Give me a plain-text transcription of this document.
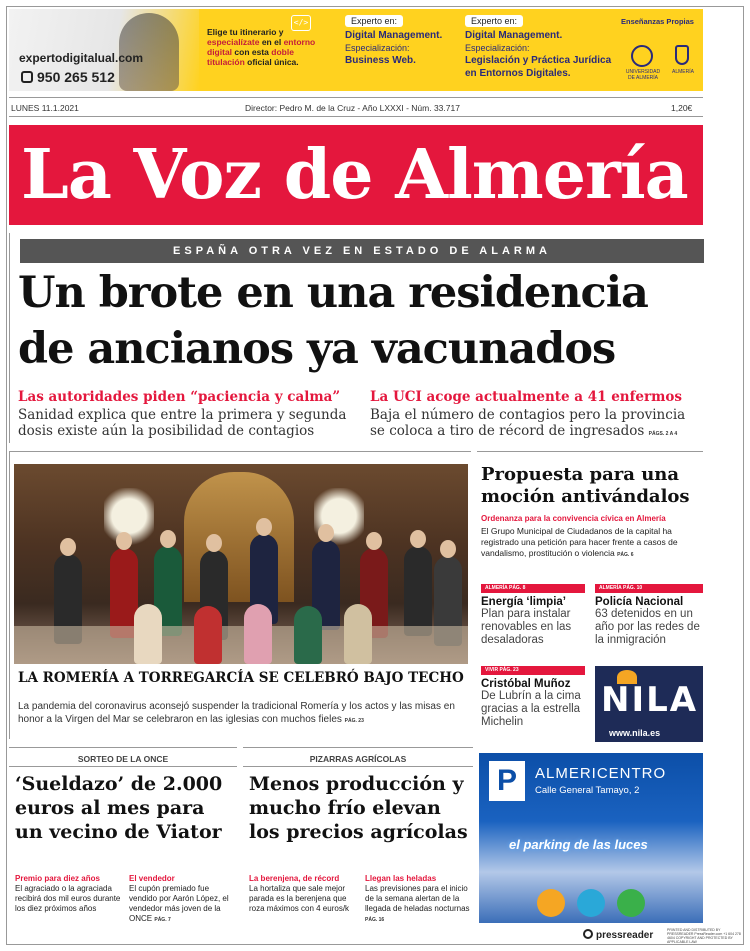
expertodigitalual.com
950 265 512
</>
Elige tu itinerario y especialízate en el entorno digital con esta doble titulación oficial única.
Experto en:
Digital Management.
Especialización:
Business Web.
Experto en:
Digital Management.
Especialización:
Legislación y Práctica Jurídica en Entornos Digitales.
Enseñanzas Propias
UNIVERSIDAD DE ALMERÍA
ALMERÍA
LUNES 11.1.2021	Director: Pedro M. de la Cruz - Año LXXXI - Núm. 33.717	1,20€
La Voz de Almería
ESPAÑA OTRA VEZ EN ESTADO DE ALARMA
Un brote en una residencia
de ancianos ya vacunados
Las autoridades piden “paciencia y calma”
Sanidad explica que entre la primera y segunda dosis existe aún la posibilidad de contagios
La UCI acoge actualmente a 41 enfermos
Baja el número de contagios pero la provincia se coloca a tiro de récord de ingresados PÁGS. 2 A 4
LA ROMERÍA A TORREGARCÍA SE CELEBRÓ BAJO TECHO
La pandemia del coronavirus aconsejó suspender la tradicional Romería y los actos y las misas en honor a la Virgen del Mar se celebraron en las iglesias con muchos fieles PÁG. 23
Propuesta para una moción antivándalos
Ordenanza para la convivencia cívica en Almería
El Grupo Municipal de Ciudadanos de la capital ha registrado una petición para hacer frente a casos de vandalismo, prostitución o violencia PÁG. 6
ALMERÍA PÁG. 8
Energía ‘limpia’
Plan para instalar renovables en las desaladoras
ALMERÍA PÁG. 10
Policía Nacional
63 detenidos en un año por las redes de la inmigración
VIVIR PÁG. 23
Cristóbal Muñoz
De Lubrín a la cima gracias a la estrella Michelin
NILA
www.nila.es
SORTEO DE LA ONCE
‘Sueldazo’ de 2.000 euros al mes para un vecino de Viator
Premio para diez años
El agraciado o la agraciada recibirá dos mil euros durante los diez próximos años
El vendedor
El cupón premiado fue vendido por Aarón López, el vendedor más joven de la ONCE PÁG. 7
PIZARRAS AGRÍCOLAS
Menos producción y mucho frío elevan los precios agrícolas
La berenjena, de récord
La hortaliza que sale mejor parada es la berenjena que roza máximos con 4 euros/k
Llegan las heladas
Las previsiones para el inicio de la semana alertan de la llegada de heladas nocturnas PÁG. 16
P	ALMERICENTRO
Calle General Tamayo, 2
el parking de las luces
pressreader	PRINTED AND DISTRIBUTED BY PRESSREADER PressReader.com +1 604 278 4604 COPYRIGHT AND PROTECTED BY APPLICABLE LAW
